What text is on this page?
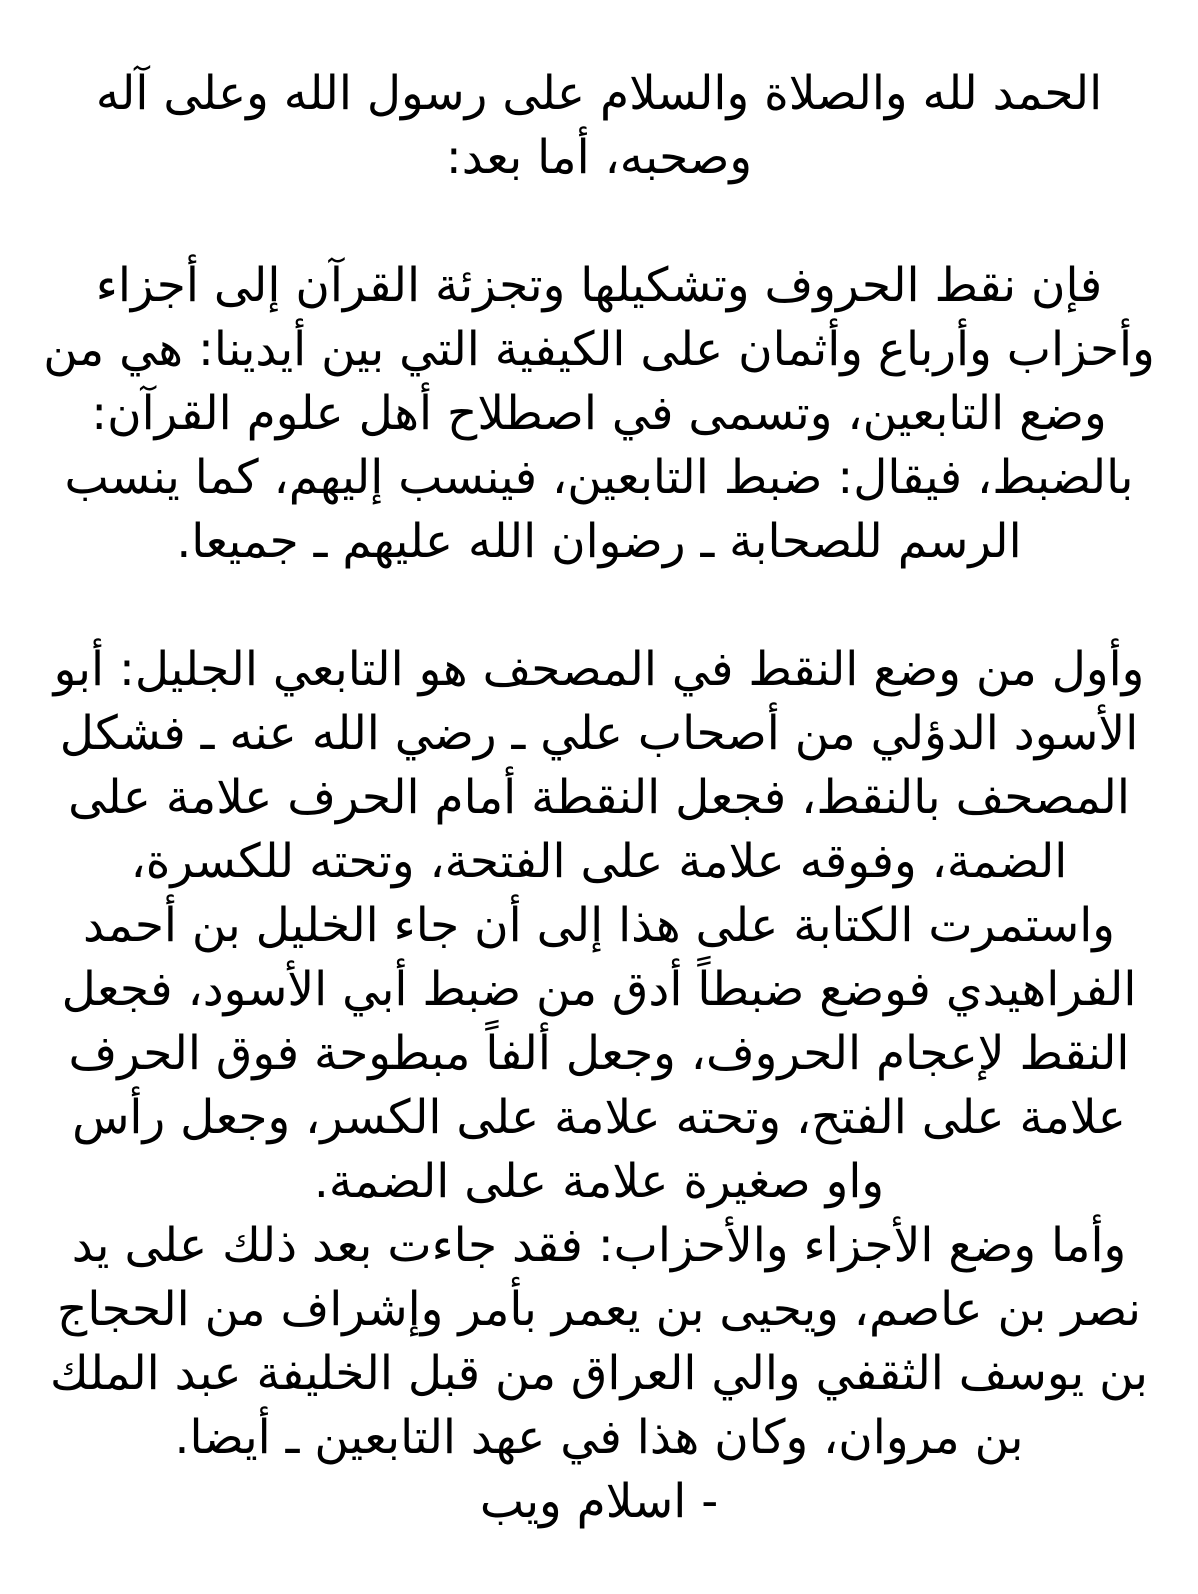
الحمد لله والصلاة والسلام على رسول الله وعلى آله وصحبه، أما بعد:

فإن نقط الحروف وتشكيلها وتجزئة القرآن إلى أجزاء وأحزاب وأرباع وأثمان على الكيفية التي بين أيدينا: هي من وضع التابعين، وتسمى في اصطلاح أهل علوم القرآن: بالضبط، فيقال: ضبط التابعين، فينسب إليهم، كما ينسب الرسم للصحابة ـ رضوان الله عليهم ـ جميعا.

وأول من وضع النقط في المصحف هو التابعي الجليل: أبو الأسود الدؤلي من أصحاب علي ـ رضي الله عنه ـ فشكل المصحف بالنقط، فجعل النقطة أمام الحرف علامة على الضمة، وفوقه علامة على الفتحة، وتحته للكسرة، واستمرت الكتابة على هذا إلى أن جاء الخليل بن أحمد الفراهيدي فوضع ضبطاً أدق من ضبط أبي الأسود، فجعل النقط لإعجام الحروف، وجعل ألفاً مبطوحة فوق الحرف علامة على الفتح، وتحته علامة على الكسر، وجعل رأس واو صغيرة علامة على الضمة.

وأما وضع الأجزاء والأحزاب: فقد جاءت بعد ذلك على يد نصر بن عاصم، ويحيى بن يعمر بأمر وإشراف من الحجاج بن يوسف الثقفي والي العراق من قبل الخليفة عبد الملك بن مروان، وكان هذا في عهد التابعين ـ أيضا.

- اسلام ويب
